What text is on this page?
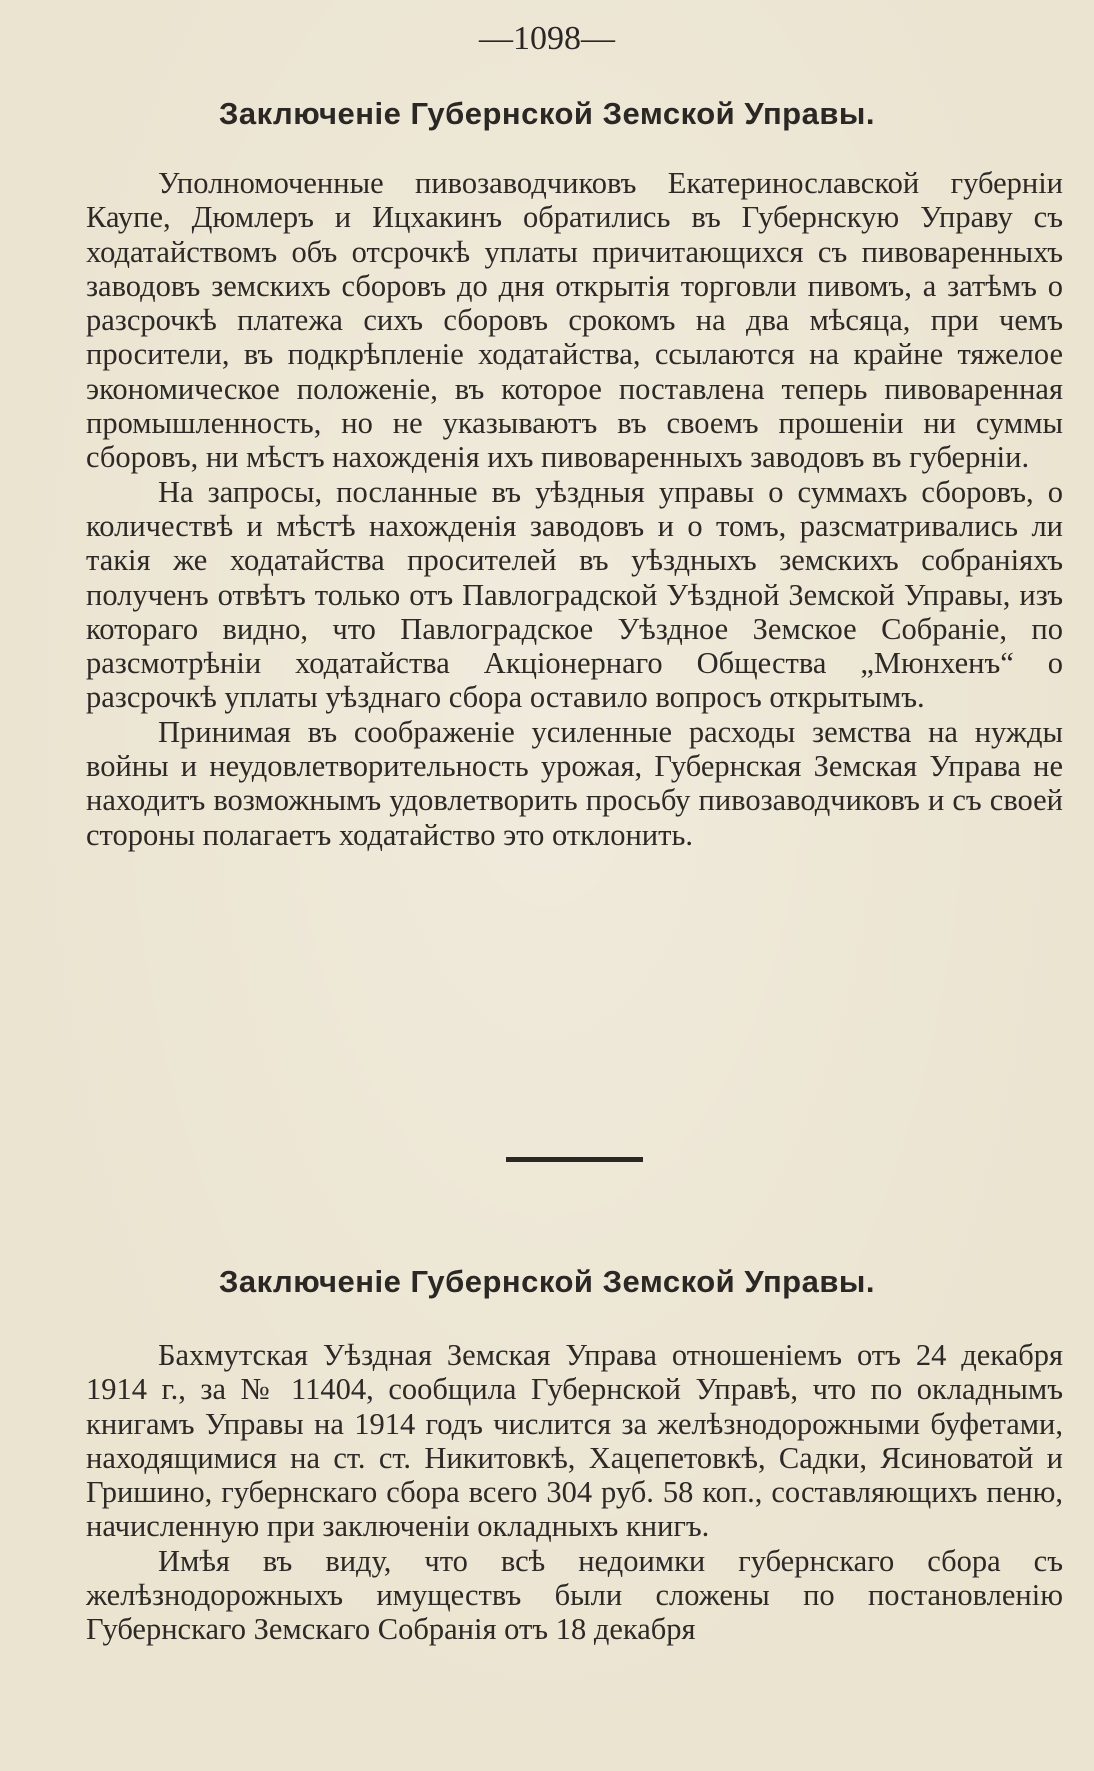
—1098—
Заключенiе Губернской Земской Управы.

Уполномоченные пивозаводчиковъ Екатеринославской губернiи Каупе, Дюмлеръ и Ицхакинъ обратились въ Губернскую Управу съ ходатайствомъ объ отсрочкѣ уплаты причитающихся съ пивоваренныхъ заводовъ земскихъ сборовъ до дня открытiя торговли пивомъ, а затѣмъ о разсрочкѣ платежа сихъ сборовъ срокомъ на два мѣсяца, при чемъ просители, въ подкрѣпленiе ходатайства, ссылаются на крайне тяжелое экономическое положенiе, въ которое поставлена теперь пивоваренная промышленность, но не указываютъ въ своемъ прошенiи ни суммы сборовъ, ни мѣстъ нахожденiя ихъ пивоваренныхъ заводовъ въ губернiи.

На запросы, посланные въ уѣздныя управы о суммахъ сборовъ, о количествѣ и мѣстѣ нахожденiя заводовъ и о томъ, разсматривались ли такiя же ходатайства просителей въ уѣздныхъ земскихъ собранiяхъ полученъ отвѣтъ только отъ Павлоградской Уѣздной Земской Управы, изъ котораго видно, что Павлоградское Уѣздное Земское Собранiе, по разсмотрѣнiи ходатайства Акцiонернаго Общества „Мюнхенъ“ о разсрочкѣ уплаты уѣзднаго сбора оставило вопросъ открытымъ.

Принимая въ соображенiе усиленные расходы земства на нужды войны и неудовлетворительность урожая, Губернская Земская Управа не находитъ возможнымъ удовлетворить просьбу пивозаводчиковъ и съ своей стороны полагаетъ ходатайство это отклонить.

Заключенiе Губернской Земской Управы.

Бахмутская Уѣздная Земская Управа отношенiемъ отъ 24 декабря 1914 г., за № 11404, сообщила Губернской Управѣ, что по окладнымъ книгамъ Управы на 1914 годъ числится за желѣзнодорожными буфетами, находящимися на ст. ст. Никитовкѣ, Хацепетовкѣ, Садки, Ясиноватой и Гришино, губернскаго сбора всего 304 руб. 58 коп., составляющихъ пеню, начисленную при заключенiи окладныхъ книгъ.

Имѣя въ виду, что всѣ недоимки губернскаго сбора съ желѣзнодорожныхъ имуществъ были сложены по постановленiю Губернскаго Земскаго Собранiя отъ 18 декабря
